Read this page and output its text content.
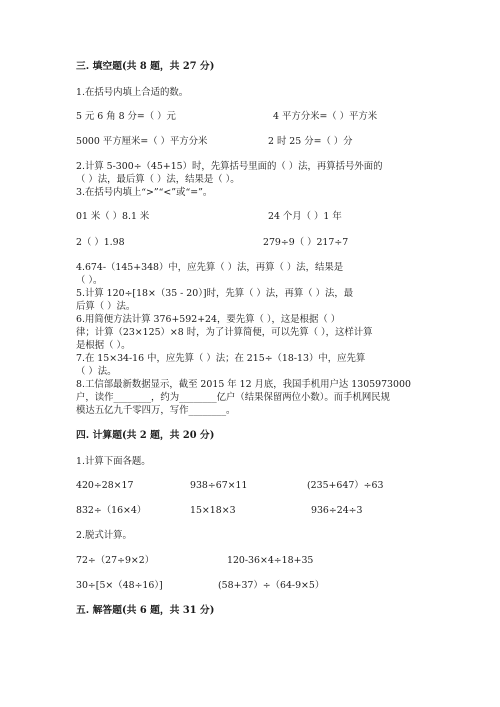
三. 填空题(共 8 题，共 27 分)
1.在括号内填上合适的数。
5 元 6 角 8 分=（ ）元	4 平方分米=（ ）平方米
5000 平方厘米=（ ）平方分米	2 时 25 分=（ ）分
2.计算 5-300÷（45+15）时，先算括号里面的（ ）法，再算括号外面的
（ ）法，最后算（ ）法，结果是（ ）。
3.在括号内填上“>”“<”或“=”。
01 米（ ）8.1 米	24 个月（ ）1 年
2（ ）1.98	279÷9（ ）217÷7
4.674-（145+348）中，应先算（ ）法，再算（ ）法，结果是
（ ）。
5.计算 120÷[18×（35 - 20）]时，先算（ ）法，再算（ ）法，最
后算（ ）法。
6.用简便方法计算 376+592+24，要先算（ ），这是根据（ ）
律；计算（23×125）×8 时，为了计算简便，可以先算（ ），这样计算
是根据（ ）。
7.在 15×34-16 中，应先算（ ）法；在 215÷（18-13）中，应先算
（ ）法。
8.工信部最新数据显示，截至 2015 年 12 月底，我国手机用户达 1305973000
户，读作________，约为________亿户（结果保留两位小数）。而手机网民规
模达五亿九千零四万，写作________。
四. 计算题(共 2 题，共 20 分)
1.计算下面各题。
420÷28×17	938÷67×11	(235+647）÷63
832÷（16×4）	15×18×3	936÷24÷3
2.脱式计算。
72÷（27÷9×2）	120-36×4÷18+35
30÷[5×（48÷16）]	(58+37）÷（64-9×5）
五. 解答题(共 6 题，共 31 分)
